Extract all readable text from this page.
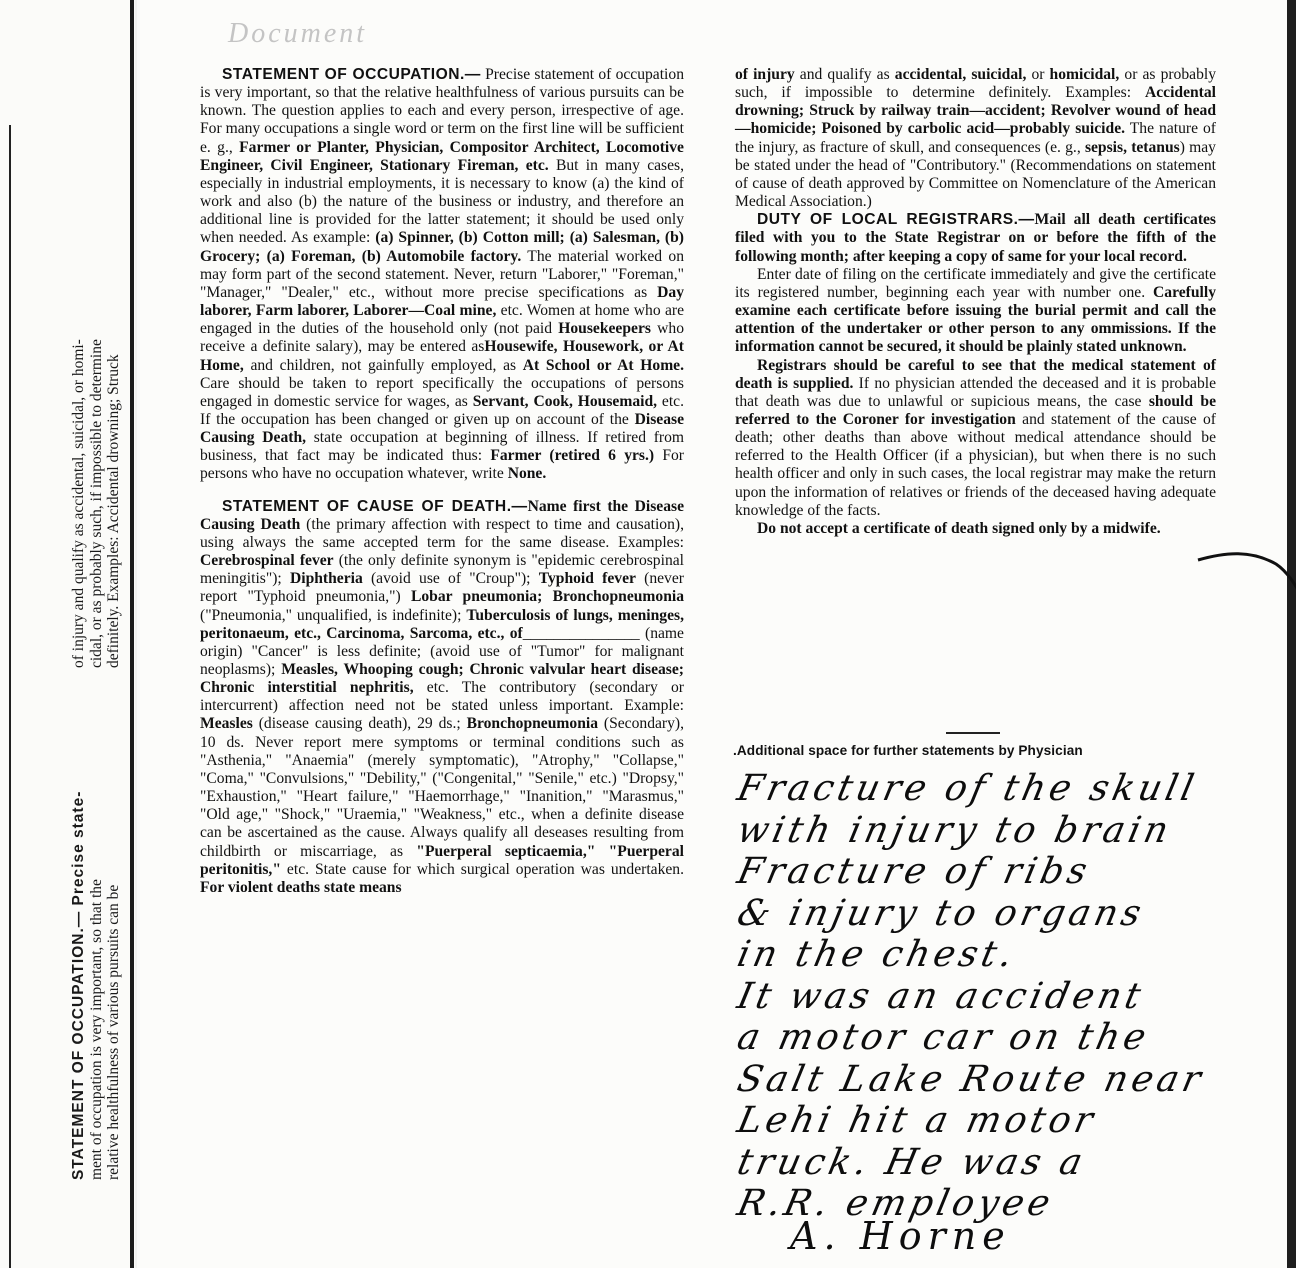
STATEMENT OF OCCUPATION.— Precise state- ment of occupation is very important, so that the relative healthfulness of various pursuits can be
of injury and qualify as accidental, suicidal, or homi- cidal, or as probably such, if impossible to determine definitely. Examples: Accidental drowning; Struck
Document

STATEMENT OF OCCUPATION.— Precise statement of occupation is very important, so that the relative healthfulness of various pursuits can be known. The question applies to each and every person, irrespective of age. For many occupations a single word or term on the first line will be sufficient e. g., Farmer or Planter, Physician, Compositor Architect, Locomotive Engineer, Civil Engineer, Stationary Fireman, etc. But in many cases, especially in industrial employments, it is necessary to know (a) the kind of work and also (b) the nature of the business or industry, and therefore an additional line is provided for the latter statement; it should be used only when needed. As example: (a) Spinner, (b) Cotton mill; (a) Salesman, (b) Grocery; (a) Foreman, (b) Automobile factory. The material worked on may form part of the second statement. Never, return "Laborer," "Foreman," "Manager," "Dealer," etc., without more precise specifications as Day laborer, Farm laborer, Laborer—Coal mine, etc. Women at home who are engaged in the duties of the household only (not paid Housekeepers who receive a definite salary), may be entered asHousewife, Housework, or At Home, and children, not gainfully employed, as At School or At Home. Care should be taken to report specifically the occupations of persons engaged in domestic service for wages, as Servant, Cook, Housemaid, etc. If the occupation has been changed or given up on account of the Disease Causing Death, state occupation at beginning of illness. If retired from business, that fact may be indicated thus: Farmer (retired 6 yrs.) For persons who have no occupation whatever, write None.

STATEMENT OF CAUSE OF DEATH.—Name first the Disease Causing Death (the primary affection with respect to time and causation), using always the same accepted term for the same disease. Examples: Cerebrospinal fever (the only definite synonym is "epidemic cerebrospinal meningitis"); Diphtheria (avoid use of "Croup"); Typhoid fever (never report "Typhoid pneumonia,") Lobar pneumonia; Bronchopneumonia ("Pneumonia," unqualified, is indefinite); Tuberculosis of lungs, meninges, peritonaeum, etc., Carcinoma, Sarcoma, etc., of_______________ (name origin) "Cancer" is less definite; (avoid use of "Tumor" for malignant neoplasms); Measles, Whooping cough; Chronic valvular heart disease; Chronic interstitial nephritis, etc. The contributory (secondary or intercurrent) affection need not be stated unless important. Example: Measles (disease causing death), 29 ds.; Bronchopneumonia (Secondary), 10 ds. Never report mere symptoms or terminal conditions such as "Asthenia," "Anaemia" (merely symptomatic), "Atrophy," "Collapse," "Coma," "Convulsions," "Debility," ("Congenital," "Senile," etc.) "Dropsy," "Exhaustion," "Heart failure," "Haemorrhage," "Inanition," "Marasmus," "Old age," "Shock," "Uraemia," "Weakness," etc., when a definite disease can be ascertained as the cause. Always qualify all deseases resulting from childbirth or miscarriage, as "Puerperal septicaemia," "Puerperal peritonitis," etc. State cause for which surgical operation was undertaken. For violent deaths state means

of injury and qualify as accidental, suicidal, or homicidal, or as probably such, if impossible to determine definitely. Examples: Accidental drowning; Struck by railway train—accident; Revolver wound of head—homicide; Poisoned by carbolic acid—probably suicide. The nature of the injury, as fracture of skull, and consequences (e. g., sepsis, tetanus) may be stated under the head of "Contributory." (Recommendations on statement of cause of death approved by Committee on Nomenclature of the American Medical Association.)

DUTY OF LOCAL REGISTRARS.—Mail all death certificates filed with you to the State Registrar on or before the fifth of the following month; after keeping a copy of same for your local record.

Enter date of filing on the certificate immediately and give the certificate its registered number, beginning each year with number one. Carefully examine each certificate before issuing the burial permit and call the attention of the undertaker or other person to any ommissions. If the information cannot be secured, it should be plainly stated unknown.

Registrars should be careful to see that the medical statement of death is supplied. If no physician attended the deceased and it is probable that death was due to unlawful or supicious means, the case should be referred to the Coroner for investigation and statement of the cause of death; other deaths than above without medical attendance should be referred to the Health Officer (if a physician), but when there is no such health officer and only in such cases, the local registrar may make the return upon the information of relatives or friends of the deceased having adequate knowledge of the facts.

Do not accept a certificate of death signed only by a midwife.

.Additional space for further statements by Physician
Fracture of the skull
with injury to brain
Fracture of ribs
& injury to organs
in the chest.
It was an accident
a motor car on the
Salt Lake Route near
Lehi hit a motor
truck. He was a
R.R. employee
A. Horne
